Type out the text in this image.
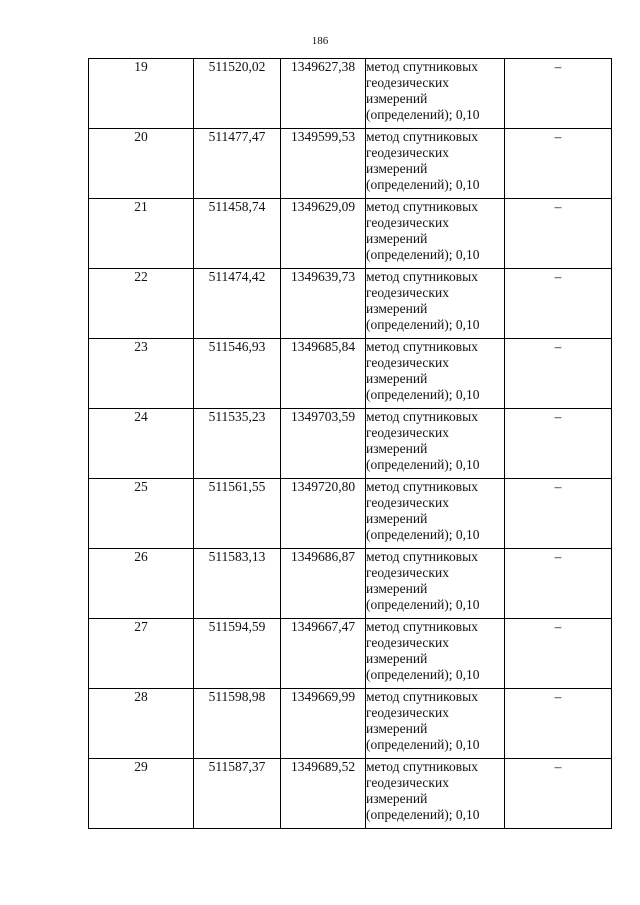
186
19	511520,02	1349627,38	метод спутниковых
геодезических
измерений
(определений); 0,10	–
20	511477,47	1349599,53	метод спутниковых
геодезических
измерений
(определений); 0,10	–
21	511458,74	1349629,09	метод спутниковых
геодезических
измерений
(определений); 0,10	–
22	511474,42	1349639,73	метод спутниковых
геодезических
измерений
(определений); 0,10	–
23	511546,93	1349685,84	метод спутниковых
геодезических
измерений
(определений); 0,10	–
24	511535,23	1349703,59	метод спутниковых
геодезических
измерений
(определений); 0,10	–
25	511561,55	1349720,80	метод спутниковых
геодезических
измерений
(определений); 0,10	–
26	511583,13	1349686,87	метод спутниковых
геодезических
измерений
(определений); 0,10	–
27	511594,59	1349667,47	метод спутниковых
геодезических
измерений
(определений); 0,10	–
28	511598,98	1349669,99	метод спутниковых
геодезических
измерений
(определений); 0,10	–
29	511587,37	1349689,52	метод спутниковых
геодезических
измерений
(определений); 0,10	–
